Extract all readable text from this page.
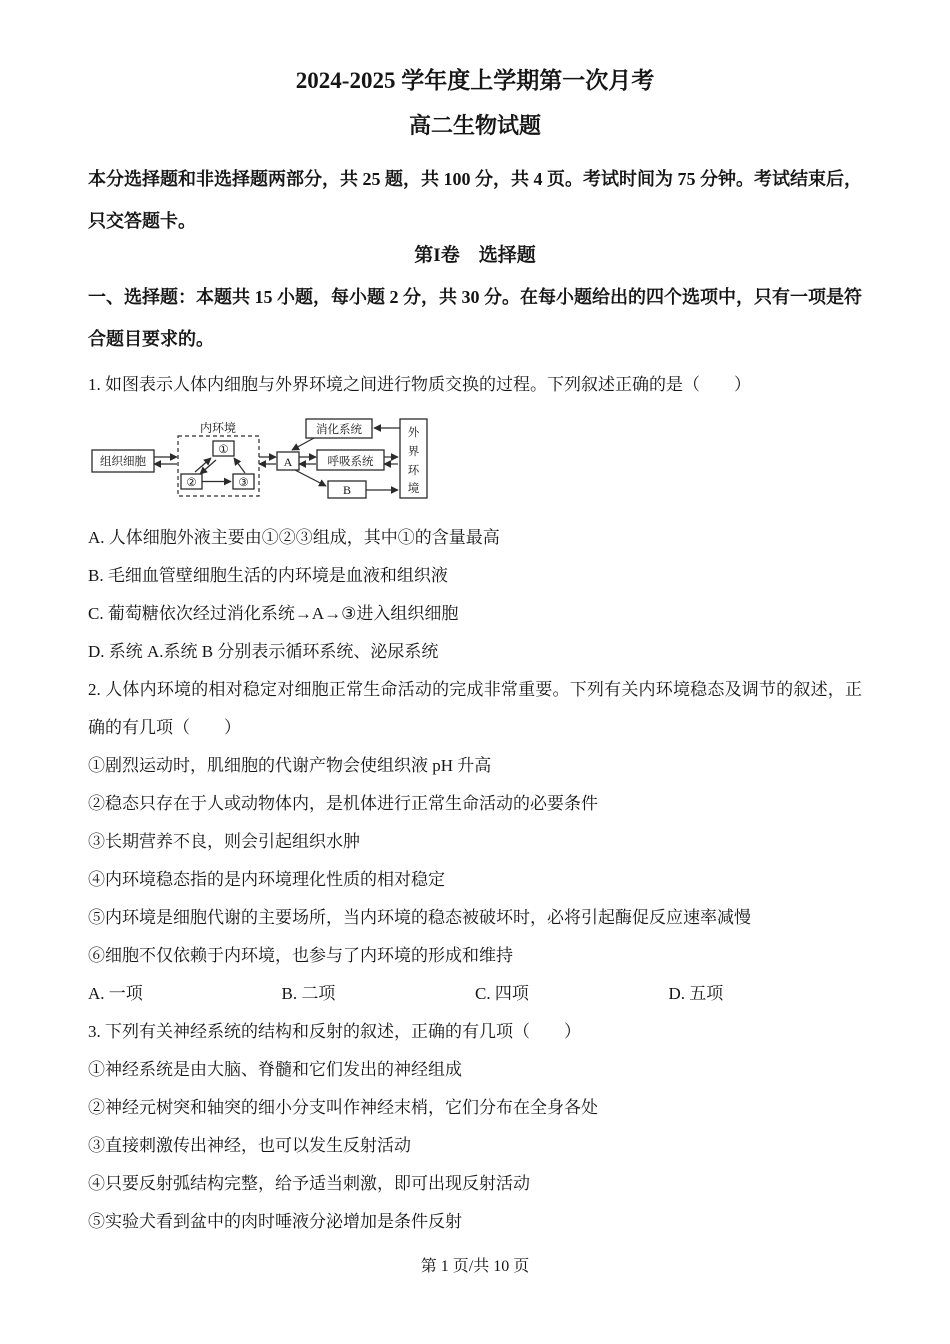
2024-2025 学年度上学期第一次月考
高二生物试题

本分选择题和非选择题两部分，共 25 题，共 100 分，共 4 页。考试时间为 75 分钟。考试结束后，只交答题卡。

第I卷　选择题

一、选择题：本题共 15 小题，每小题 2 分，共 30 分。在每小题给出的四个选项中，只有一项是符合题目要求的。

1. 如图表示人体内细胞与外界环境之间进行物质交换的过程。下列叙述正确的是（　　）

组织细胞
内环境
①
②	③
A
消化系统
呼吸系统
B
外
界
环
境

A. 人体细胞外液主要由①②③组成，其中①的含量最高

B. 毛细血管壁细胞生活的内环境是血液和组织液

C. 葡萄糖依次经过消化系统→A→③进入组织细胞

D. 系统 A.系统 B 分别表示循环系统、泌尿系统

2. 人体内环境的相对稳定对细胞正常生命活动的完成非常重要。下列有关内环境稳态及调节的叙述，正确的有几项（　　）

①剧烈运动时，肌细胞的代谢产物会使组织液 pH 升高

②稳态只存在于人或动物体内，是机体进行正常生命活动的必要条件

③长期营养不良，则会引起组织水肿

④内环境稳态指的是内环境理化性质的相对稳定

⑤内环境是细胞代谢的主要场所，当内环境的稳态被破坏时，必将引起酶促反应速率减慢

⑥细胞不仅依赖于内环境，也参与了内环境的形成和维持

A. 一项	B. 二项	C. 四项	D. 五项

3. 下列有关神经系统的结构和反射的叙述，正确的有几项（　　）

①神经系统是由大脑、脊髓和它们发出的神经组成

②神经元树突和轴突的细小分支叫作神经末梢，它们分布在全身各处

③直接刺激传出神经，也可以发生反射活动

④只要反射弧结构完整，给予适当刺激，即可出现反射活动

⑤实验犬看到盆中的肉时唾液分泌增加是条件反射

第 1 页/共 10 页
